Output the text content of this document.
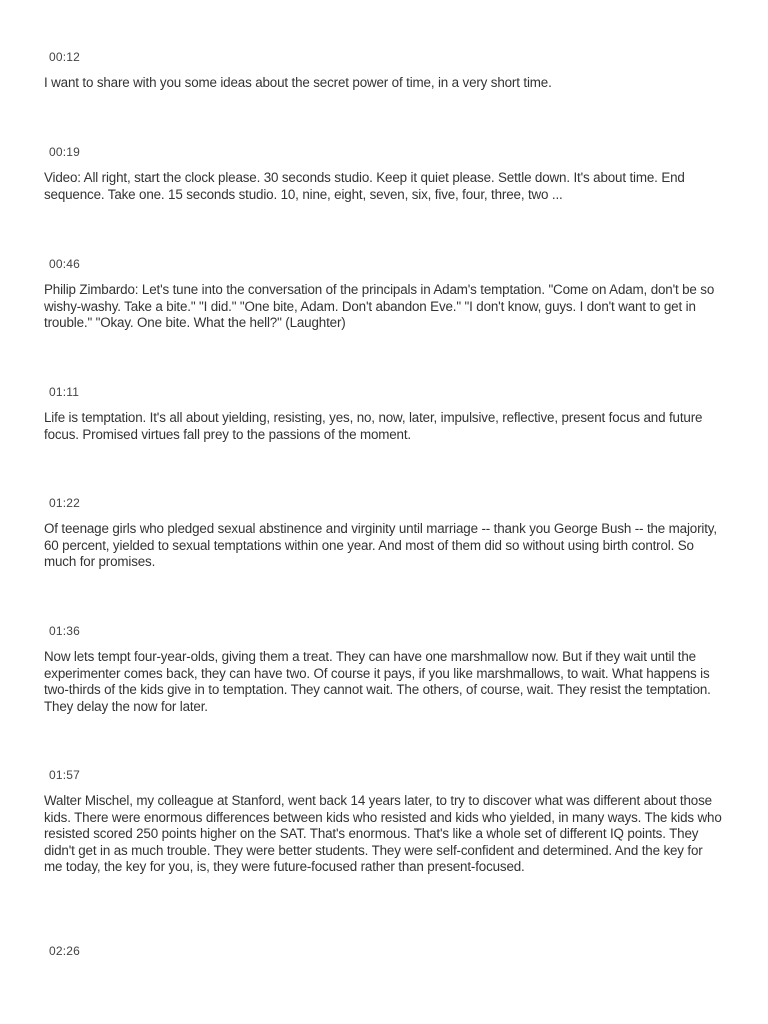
00:12
I want to share with you some ideas about the secret power of time, in a very short time.
00:19
Video: All right, start the clock please. 30 seconds studio. Keep it quiet please. Settle down. It's about time. End sequence. Take one. 15 seconds studio. 10, nine, eight, seven, six, five, four, three, two ...
00:46
Philip Zimbardo: Let's tune into the conversation of the principals in Adam's temptation. "Come on Adam, don't be so wishy-washy. Take a bite." "I did." "One bite, Adam. Don't abandon Eve." "I don't know, guys. I don't want to get in trouble." "Okay. One bite. What the hell?" (Laughter)
01:11
Life is temptation. It's all about yielding, resisting, yes, no, now, later, impulsive, reflective, present focus and future focus. Promised virtues fall prey to the passions of the moment.
01:22
Of teenage girls who pledged sexual abstinence and virginity until marriage -- thank you George Bush -- the majority, 60 percent, yielded to sexual temptations within one year. And most of them did so without using birth control. So much for promises.
01:36
Now lets tempt four-year-olds, giving them a treat. They can have one marshmallow now. But if they wait until the experimenter comes back, they can have two. Of course it pays, if you like marshmallows, to wait. What happens is two-thirds of the kids give in to temptation. They cannot wait. The others, of course, wait. They resist the temptation. They delay the now for later.
01:57
Walter Mischel, my colleague at Stanford, went back 14 years later, to try to discover what was different about those kids. There were enormous differences between kids who resisted and kids who yielded, in many ways. The kids who resisted scored 250 points higher on the SAT. That's enormous. That's like a whole set of different IQ points. They didn't get in as much trouble. They were better students. They were self-confident and determined. And the key for me today, the key for you, is, they were future-focused rather than present-focused.
02:26
